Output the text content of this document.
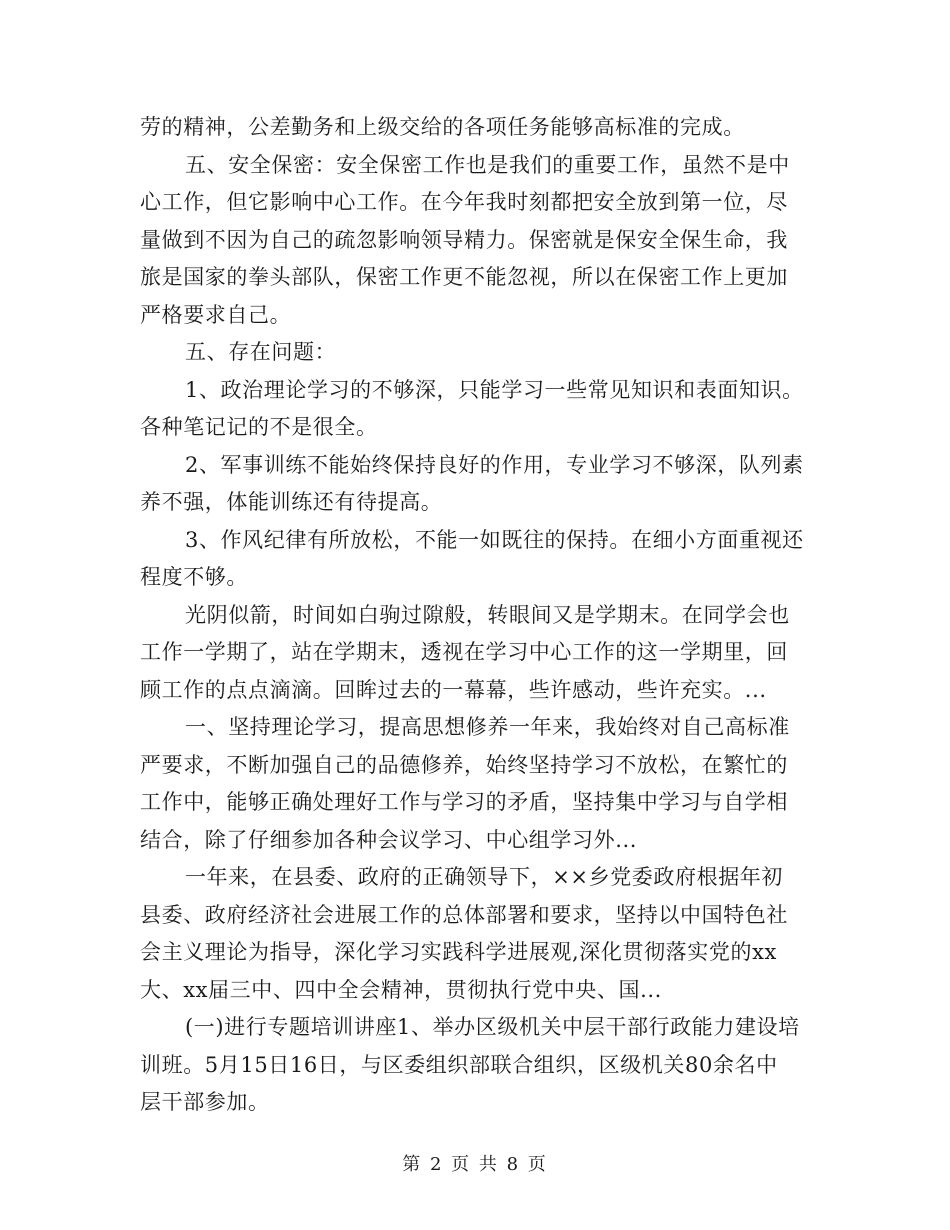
劳的精神，公差勤务和上级交给的各项任务能够高标准的完成。
五、安全保密：安全保密工作也是我们的重要工作，虽然不是中
心工作，但它影响中心工作。在今年我时刻都把安全放到第一位，尽
量做到不因为自己的疏忽影响领导精力。保密就是保安全保生命，我
旅是国家的拳头部队，保密工作更不能忽视，所以在保密工作上更加
严格要求自己。
五、存在问题：
1、政治理论学习的不够深，只能学习一些常见知识和表面知识。
各种笔记记的不是很全。
2、军事训练不能始终保持良好的作用，专业学习不够深，队列素
养不强，体能训练还有待提高。
3、作风纪律有所放松，不能一如既往的保持。在细小方面重视还
程度不够。
光阴似箭，时间如白驹过隙般，转眼间又是学期末。在同学会也
工作一学期了，站在学期末，透视在学习中心工作的这一学期里，回
顾工作的点点滴滴。回眸过去的一幕幕，些许感动，些许充实。...
一、坚持理论学习，提高思想修养一年来，我始终对自己高标准
严要求，不断加强自己的品德修养，始终坚持学习不放松，在繁忙的
工作中，能够正确处理好工作与学习的矛盾，坚持集中学习与自学相
结合，除了仔细参加各种会议学习、中心组学习外...
一年来，在县委、政府的正确领导下，××乡党委政府根据年初
县委、政府经济社会进展工作的总体部署和要求，坚持以中国特色社
会主义理论为指导，深化学习实践科学进展观,深化贯彻落实党的xx
大、xx届三中、四中全会精神，贯彻执行党中央、国...
(一)进行专题培训讲座1、举办区级机关中层干部行政能力建设培
训班。5月15日16日，与区委组织部联合组织，区级机关80余名中
层干部参加。
第 2 页 共 8 页
